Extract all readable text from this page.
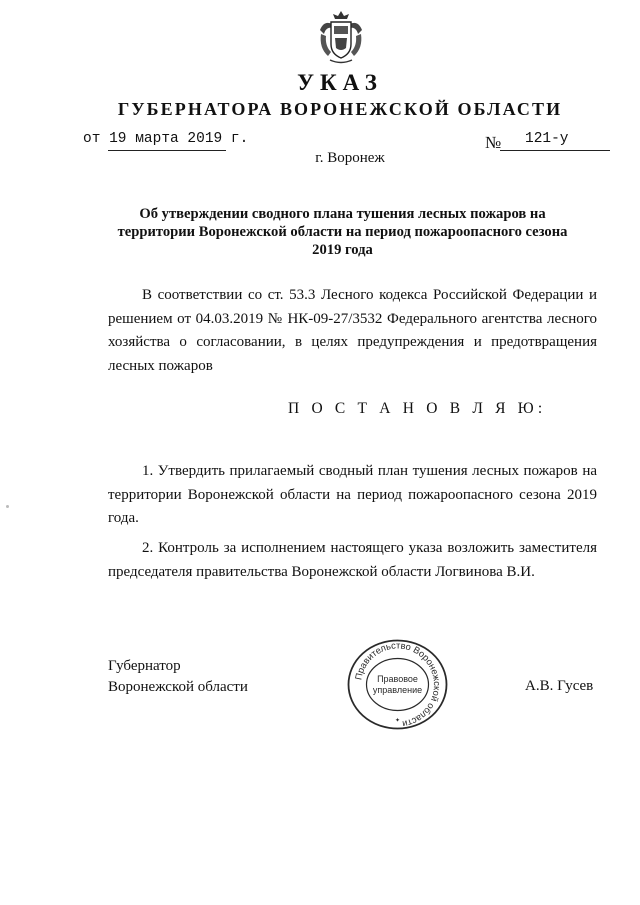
УКАЗ
ГУБЕРНАТОРА ВОРОНЕЖСКОЙ ОБЛАСТИ
от 19 марта 2019 г.	№ 121-у
г. Воронеж

Об утверждении сводного плана тушения лесных пожаров на территории Воронежской области на период пожароопасного сезона 2019 года

В соответствии со ст. 53.3 Лесного кодекса Российской Федерации и решением от 04.03.2019 № НК-09-27/3532 Федерального агентства лесного хозяйства о согласовании, в целях предупреждения и предотвращения лесных пожаров

П О С Т А Н О В Л Я Ю:

1. Утвердить прилагаемый сводный план тушения лесных пожаров на территории Воронежской области на период пожароопасного сезона 2019 года.

2. Контроль за исполнением настоящего указа возложить заместителя председателя правительства Воронежской области Логвинова В.И.

Губернатор
Воронежской области
Правительство Воронежской области
Правовое
управление
✦
А.В. Гусев
